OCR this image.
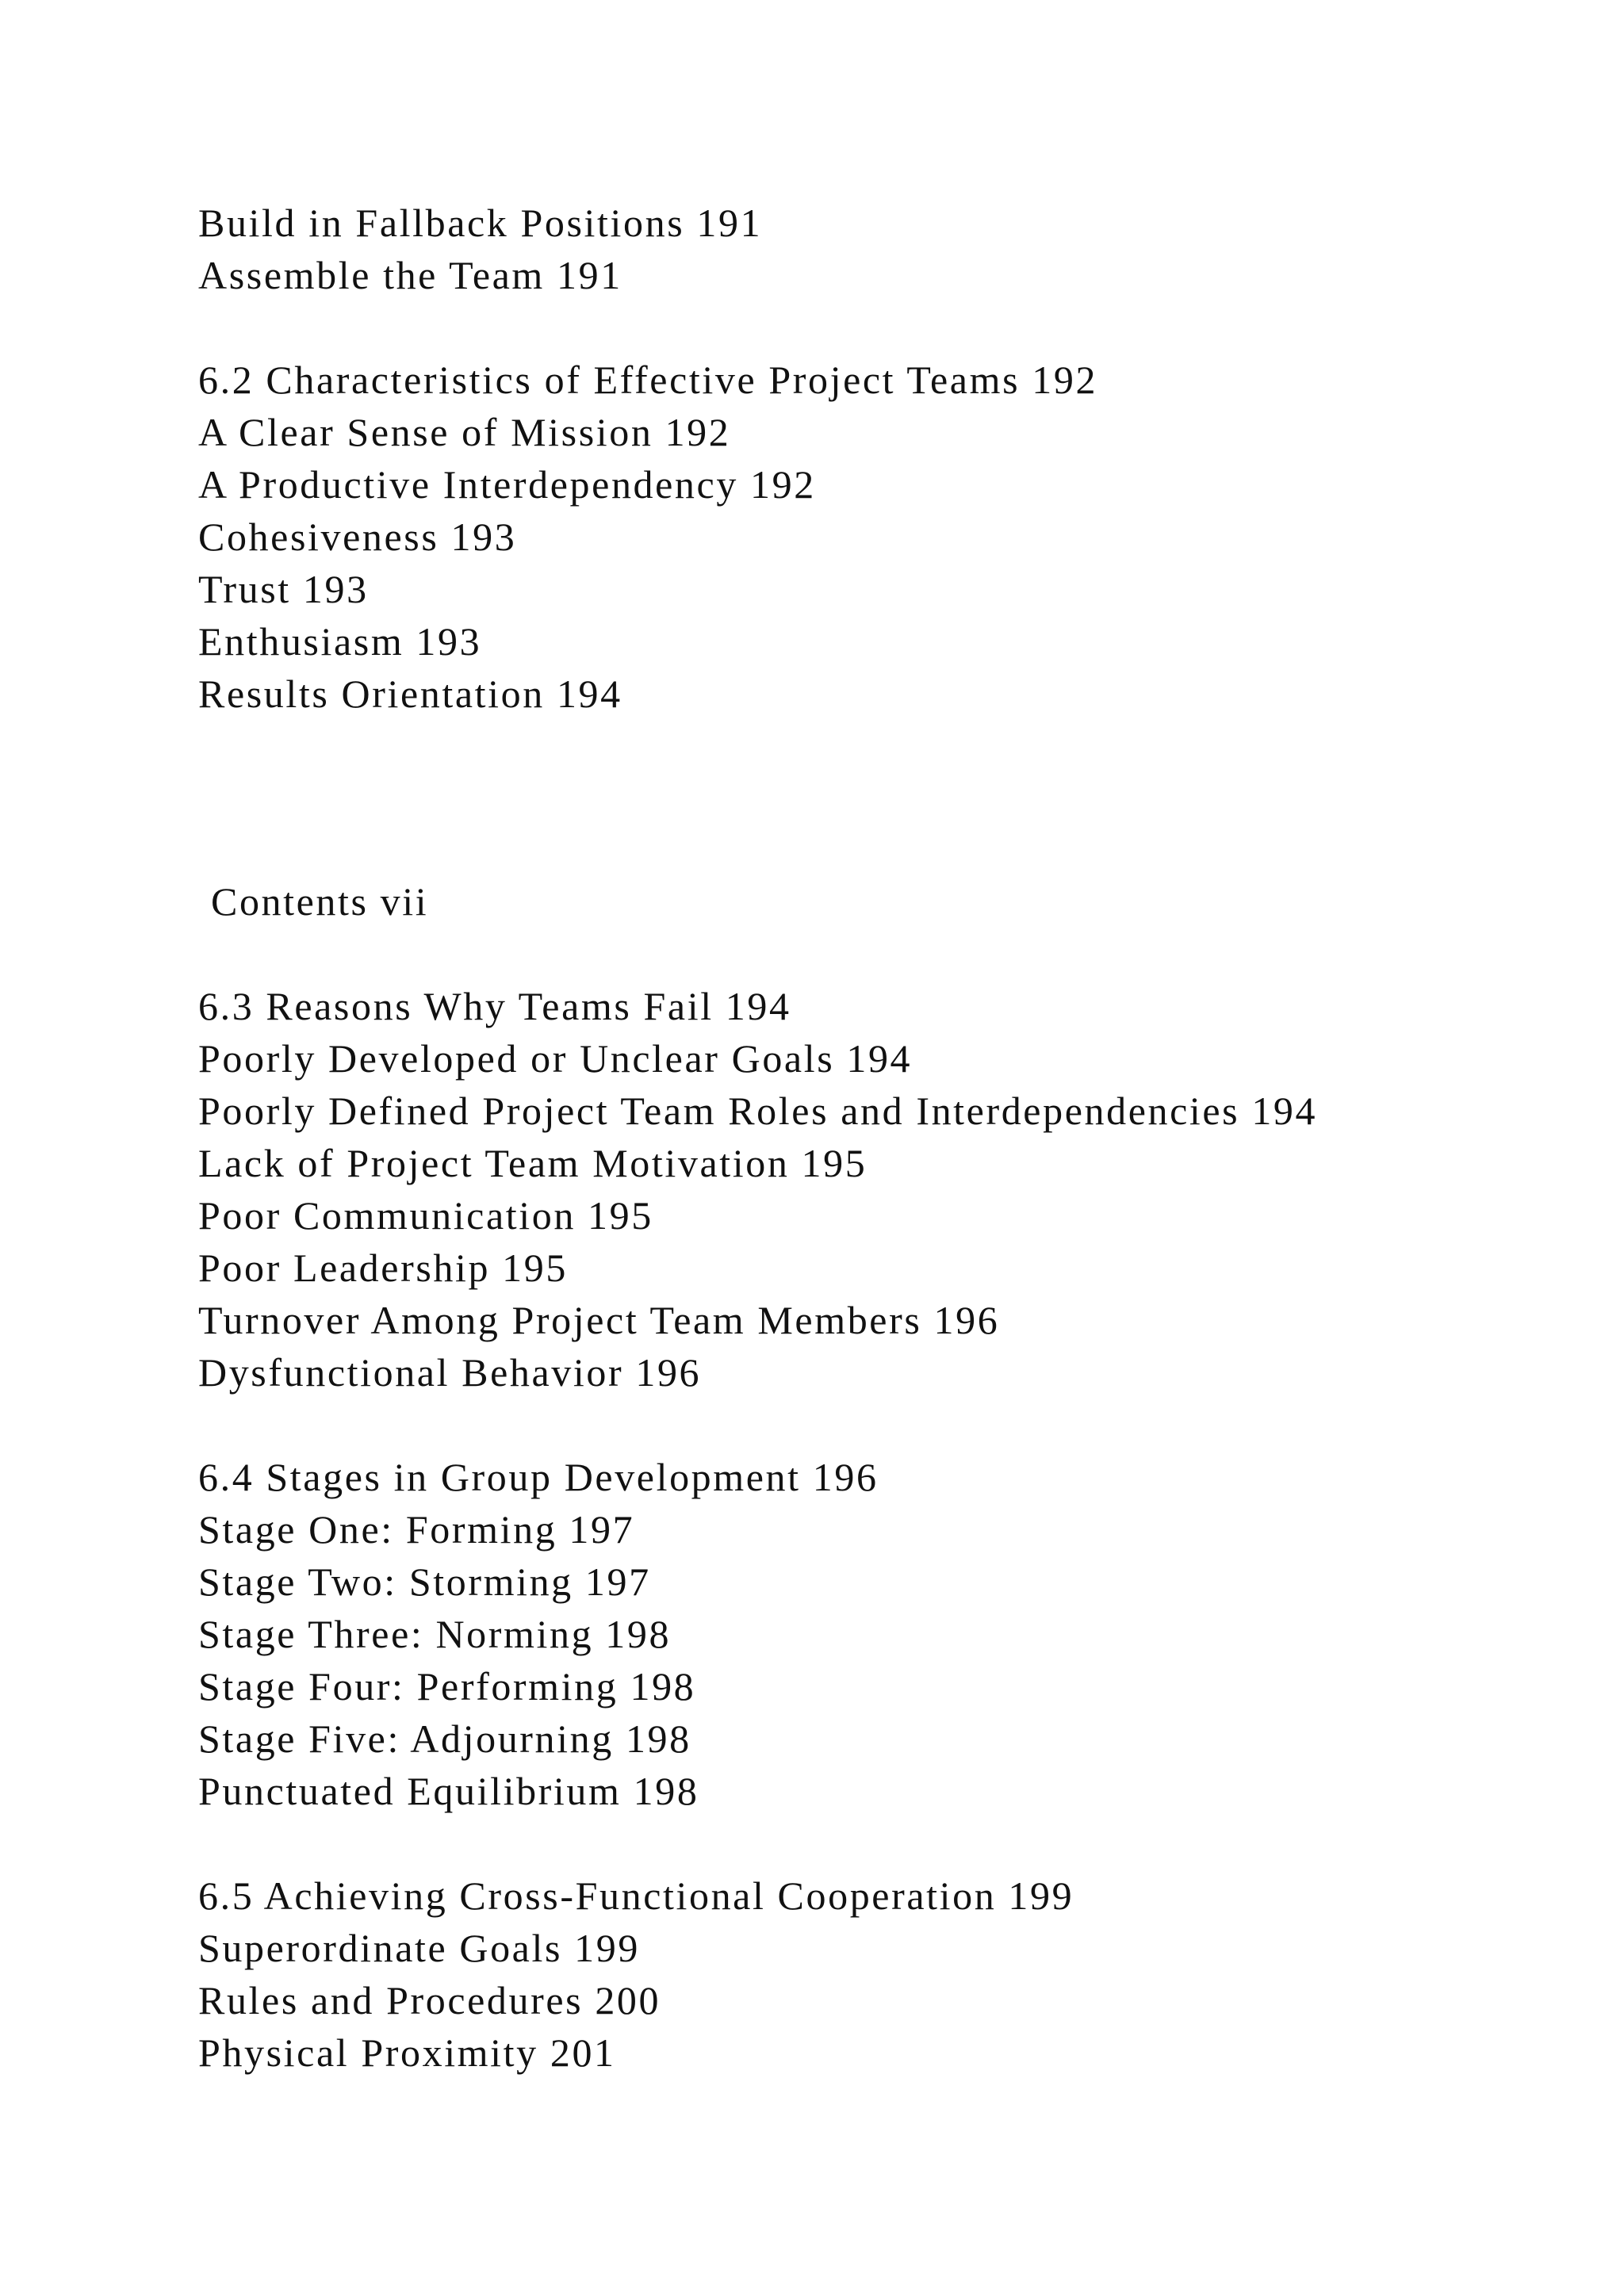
Build in Fallback Positions 191
Assemble the Team 191
6.2 Characteristics of Effective Project Teams 192
A Clear Sense of Mission 192
A Productive Interdependency 192
Cohesiveness 193
Trust 193
Enthusiasm 193
Results Orientation 194
Contents vii
6.3 Reasons Why Teams Fail 194
Poorly Developed or Unclear Goals 194
Poorly Defined Project Team Roles and Interdependencies 194
Lack of Project Team Motivation 195
Poor Communication 195
Poor Leadership 195
Turnover Among Project Team Members 196
Dysfunctional Behavior 196
6.4 Stages in Group Development 196
Stage One: Forming 197
Stage Two: Storming 197
Stage Three: Norming 198
Stage Four: Performing 198
Stage Five: Adjourning 198
Punctuated Equilibrium 198
6.5 Achieving Cross-Functional Cooperation 199
Superordinate Goals 199
Rules and Procedures 200
Physical Proximity 201
